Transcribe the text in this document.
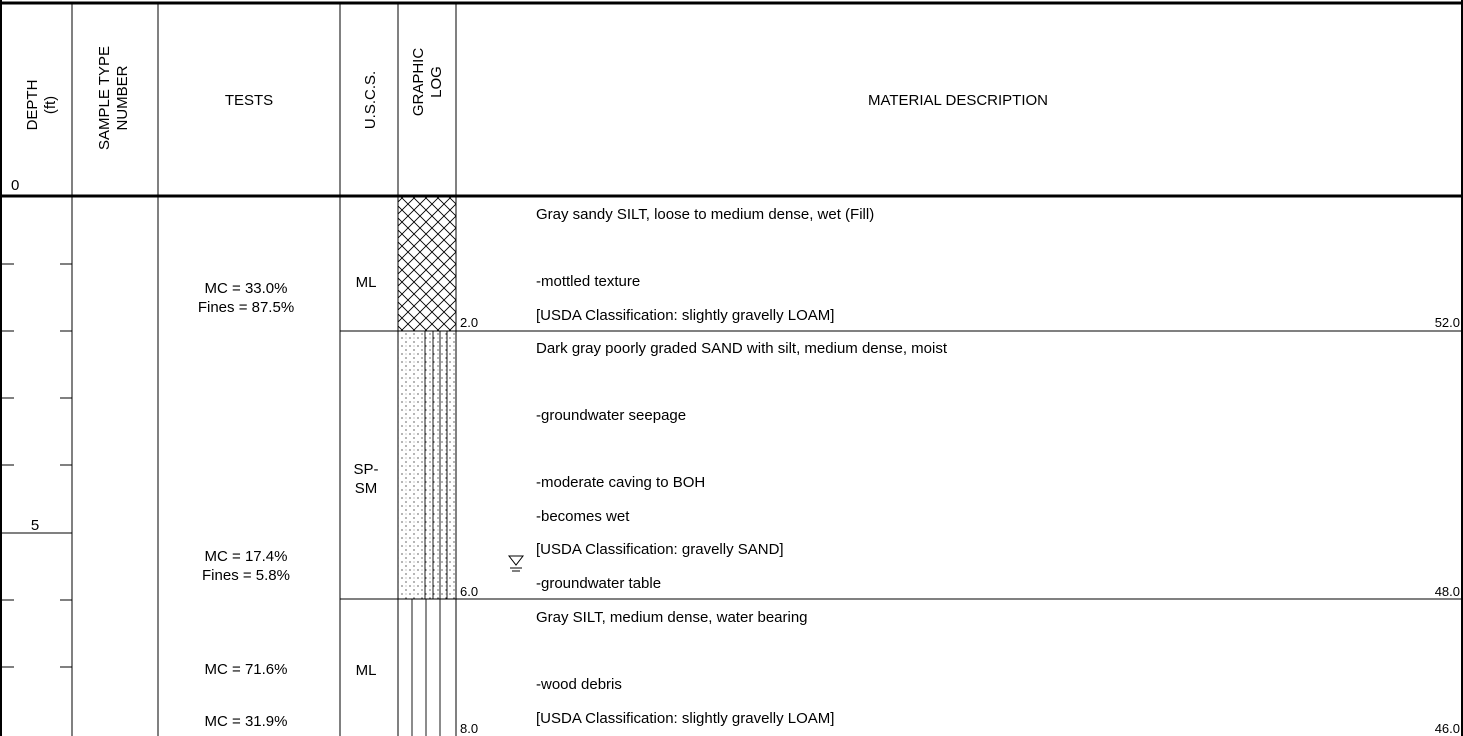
DEPTH (ft)
0
SAMPLE TYPE NUMBER	TESTS	U.S.C.S. GRAPHIC LOG
MATERIAL DESCRIPTION
5
ML
SP-
SM
ML
MC = 33.0%
Fines = 87.5%
MC = 17.4%
Fines = 5.8%
MC = 71.6%
MC = 31.9%
2.0
6.0
8.0
52.0
48.0
46.0
Gray sandy SILT, loose to medium dense, wet (Fill)
-mottled texture
[USDA Classification: slightly gravelly LOAM]
Dark gray poorly graded SAND with silt, medium dense, moist
-groundwater seepage
-moderate caving to BOH
-becomes wet
[USDA Classification: gravelly SAND]
-groundwater table
Gray SILT, medium dense, water bearing
-wood debris
[USDA Classification: slightly gravelly LOAM]
